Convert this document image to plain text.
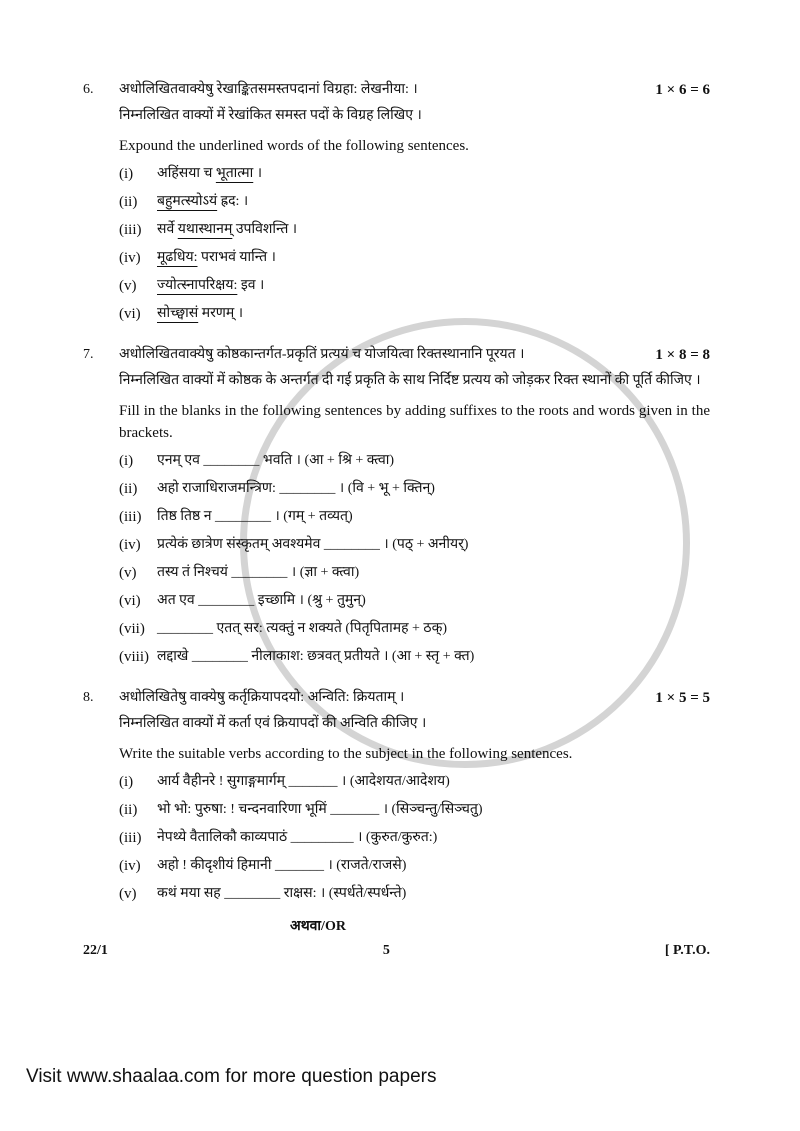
6.	अधोलिखितवाक्येषु रेखाङ्कितसमस्तपदानां विग्रहा: लेखनीया: ।	1 × 6 = 6
निम्नलिखित वाक्यों में रेखांकित समस्त पदों के विग्रह लिखिए ।
Expound the underlined words of the following sentences.
(i)	अहिंसया च भूतात्मा ।
(ii)	बहुमत्स्योऽयं ह्रद: ।
(iii)	सर्वे यथास्थानम् उपविशन्ति ।
(iv)	मूढधिय: पराभवं यान्ति ।
(v)	ज्योत्स्नापरिक्षय: इव ।
(vi)	सोच्छ्वासं मरणम् ।
7.	अधोलिखितवाक्येषु कोष्ठकान्तर्गत-प्रकृतिं प्रत्ययं च योजयित्वा रिक्तस्थानानि पूरयत ।	1 × 8 = 8
निम्नलिखित वाक्यों में कोष्ठक के अन्तर्गत दी गई प्रकृति के साथ निर्दिष्ट प्रत्यय को जोड़कर रिक्त स्थानों की पूर्ति कीजिए ।
Fill in the blanks in the following sentences by adding suffixes to the roots and words given in the brackets.
(i)	एनम् एव ________ भवति । (आ + श्रि + क्त्वा)
(ii)	अहो राजाधिराजमन्त्रिण: ________ । (वि + भू + क्तिन्)
(iii)	तिष्ठ तिष्ठ न ________ । (गम् + तव्यत्)
(iv)	प्रत्येकं छात्रेण संस्कृतम् अवश्यमेव ________ । (पठ् + अनीयर्)
(v)	तस्य तं निश्चयं ________ । (ज्ञा + क्त्वा)
(vi)	अत एव ________ इच्छामि । (श्रु + तुमुन्)
(vii) ________ एतत् सर: त्यक्तुं न शक्यते (पितृपितामह + ठक्)
(viii) लद्दाखे ________ नीलाकाश: छत्रवत् प्रतीयते । (आ + स्तृ + क्त)
8.	अधोलिखितेषु वाक्येषु कर्तृक्रियापदयो: अन्विति: क्रियताम् ।	1 × 5 = 5
निम्नलिखित वाक्यों में कर्ता एवं क्रियापदों की अन्विति कीजिए ।
Write the suitable verbs according to the subject in the following sentences.
(i)	आर्य वैहीनरे ! सुगाङ्गमार्गम् _______ । (आदेशयत/आदेशय)
(ii)	भो भो: पुरुषा: ! चन्दनवारिणा भूमिं _______ । (सिञ्चन्तु/सिञ्चतु)
(iii)	नेपथ्ये वैतालिकौ काव्यपाठं _________ । (कुरुत/कुरुत:)
(iv)	अहो ! कीदृशीयं हिमानी _______ । (राजते/राजसे)
(v)	कथं मया सह ________ राक्षस: । (स्पर्धते/स्पर्धन्ते)
अथवा/OR
22/1	5	[ P.T.O.
Visit www.shaalaa.com for more question papers
